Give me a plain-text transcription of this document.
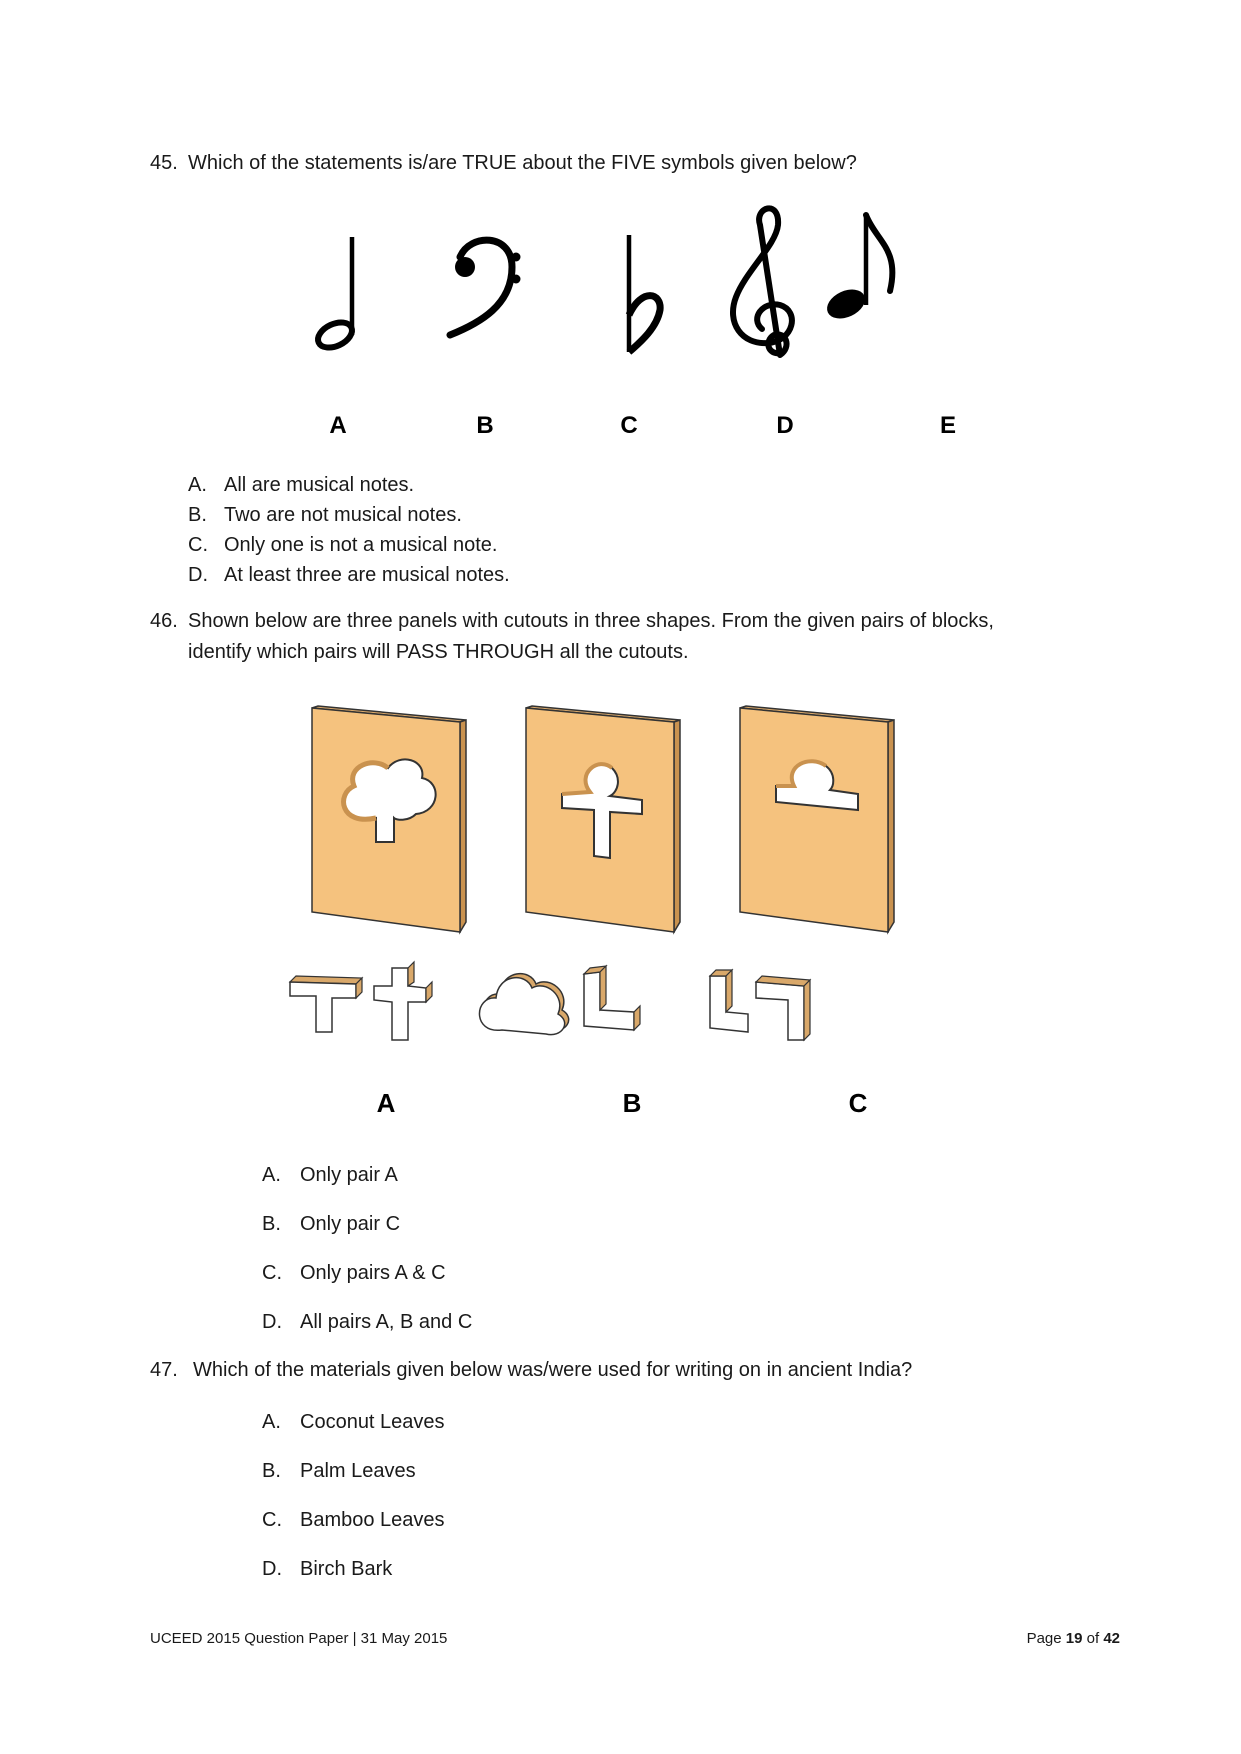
45. Which of the statements is/are TRUE about the FIVE symbols given below?
A	B	C	D	E
A. All are musical notes.
B. Two are not musical notes.
C. Only one is not a musical note.
D. At least three are musical notes.
46. Shown below are three panels with cutouts in three shapes. From the given pairs of blocks,
identify which pairs will PASS THROUGH all the cutouts.
A	B	C
A. Only pair A
B. Only pair C
C. Only pairs A & C
D. All pairs A, B and C
47. Which of the materials given below was/were used for writing on in ancient India?
A. Coconut Leaves
B. Palm Leaves
C. Bamboo Leaves
D. Birch Bark
UCEED 2015 Question Paper | 31 May 2015	Page 19 of 42
